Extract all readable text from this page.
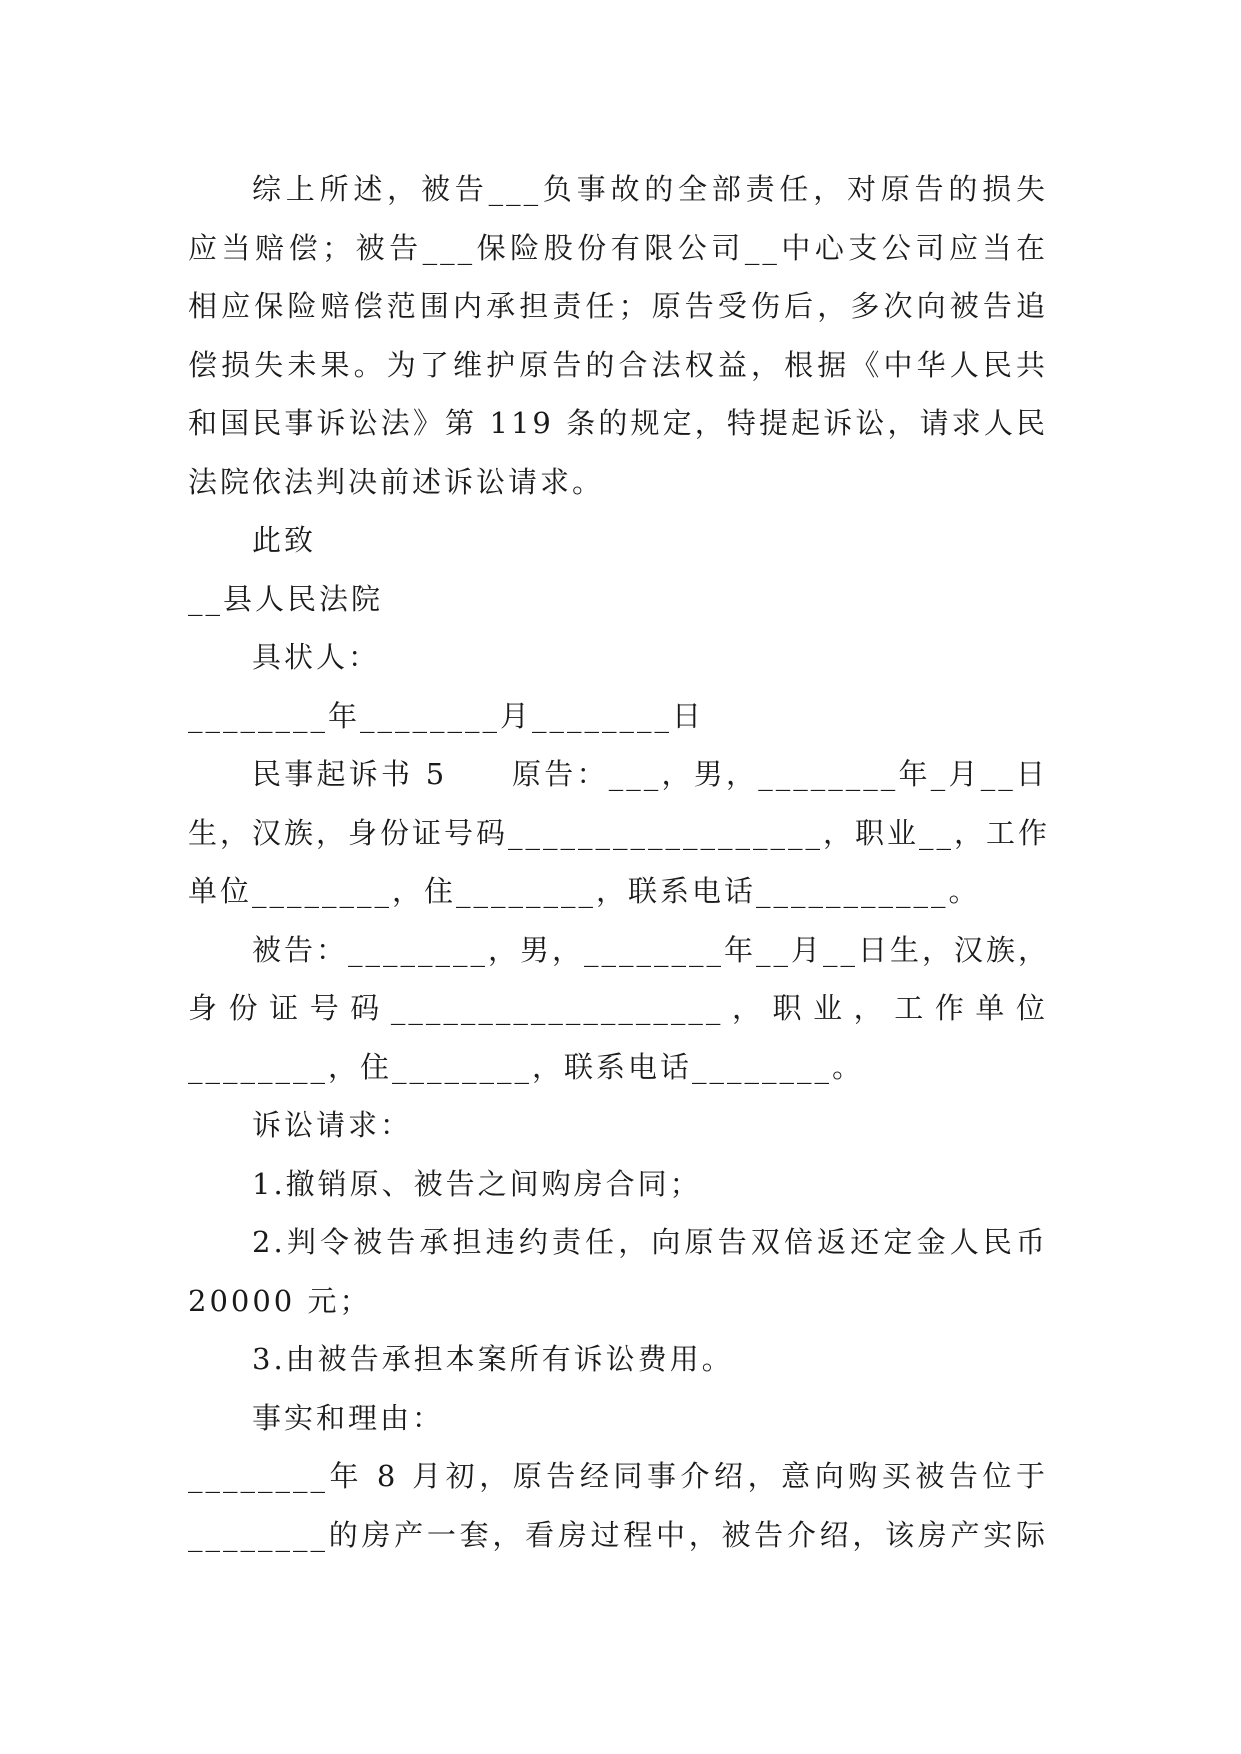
综上所述，被告___负事故的全部责任，对原告的损失
应当赔偿；被告___保险股份有限公司__中心支公司应当在
相应保险赔偿范围内承担责任；原告受伤后，多次向被告追
偿损失未果。为了维护原告的合法权益，根据《中华人民共
和国民事诉讼法》第 119 条的规定，特提起诉讼，请求人民
法院依法判决前述诉讼请求。
此致
__县人民法院
具状人：
________年________月________日
民事起诉书 5　　原告：___，男，________年_月__日
生，汉族，身份证号码__________________，职业__，工作
单位________，住________，联系电话___________。
被告：________，男，________年__月__日生，汉族，
身份证号码___________________，职业，工作单位
________，住________，联系电话________。
诉讼请求：
1.撤销原、被告之间购房合同；
2.判令被告承担违约责任，向原告双倍返还定金人民币
20000 元；
3.由被告承担本案所有诉讼费用。
事实和理由：
________年 8 月初，原告经同事介绍，意向购买被告位于
________的房产一套，看房过程中，被告介绍，该房产实际
